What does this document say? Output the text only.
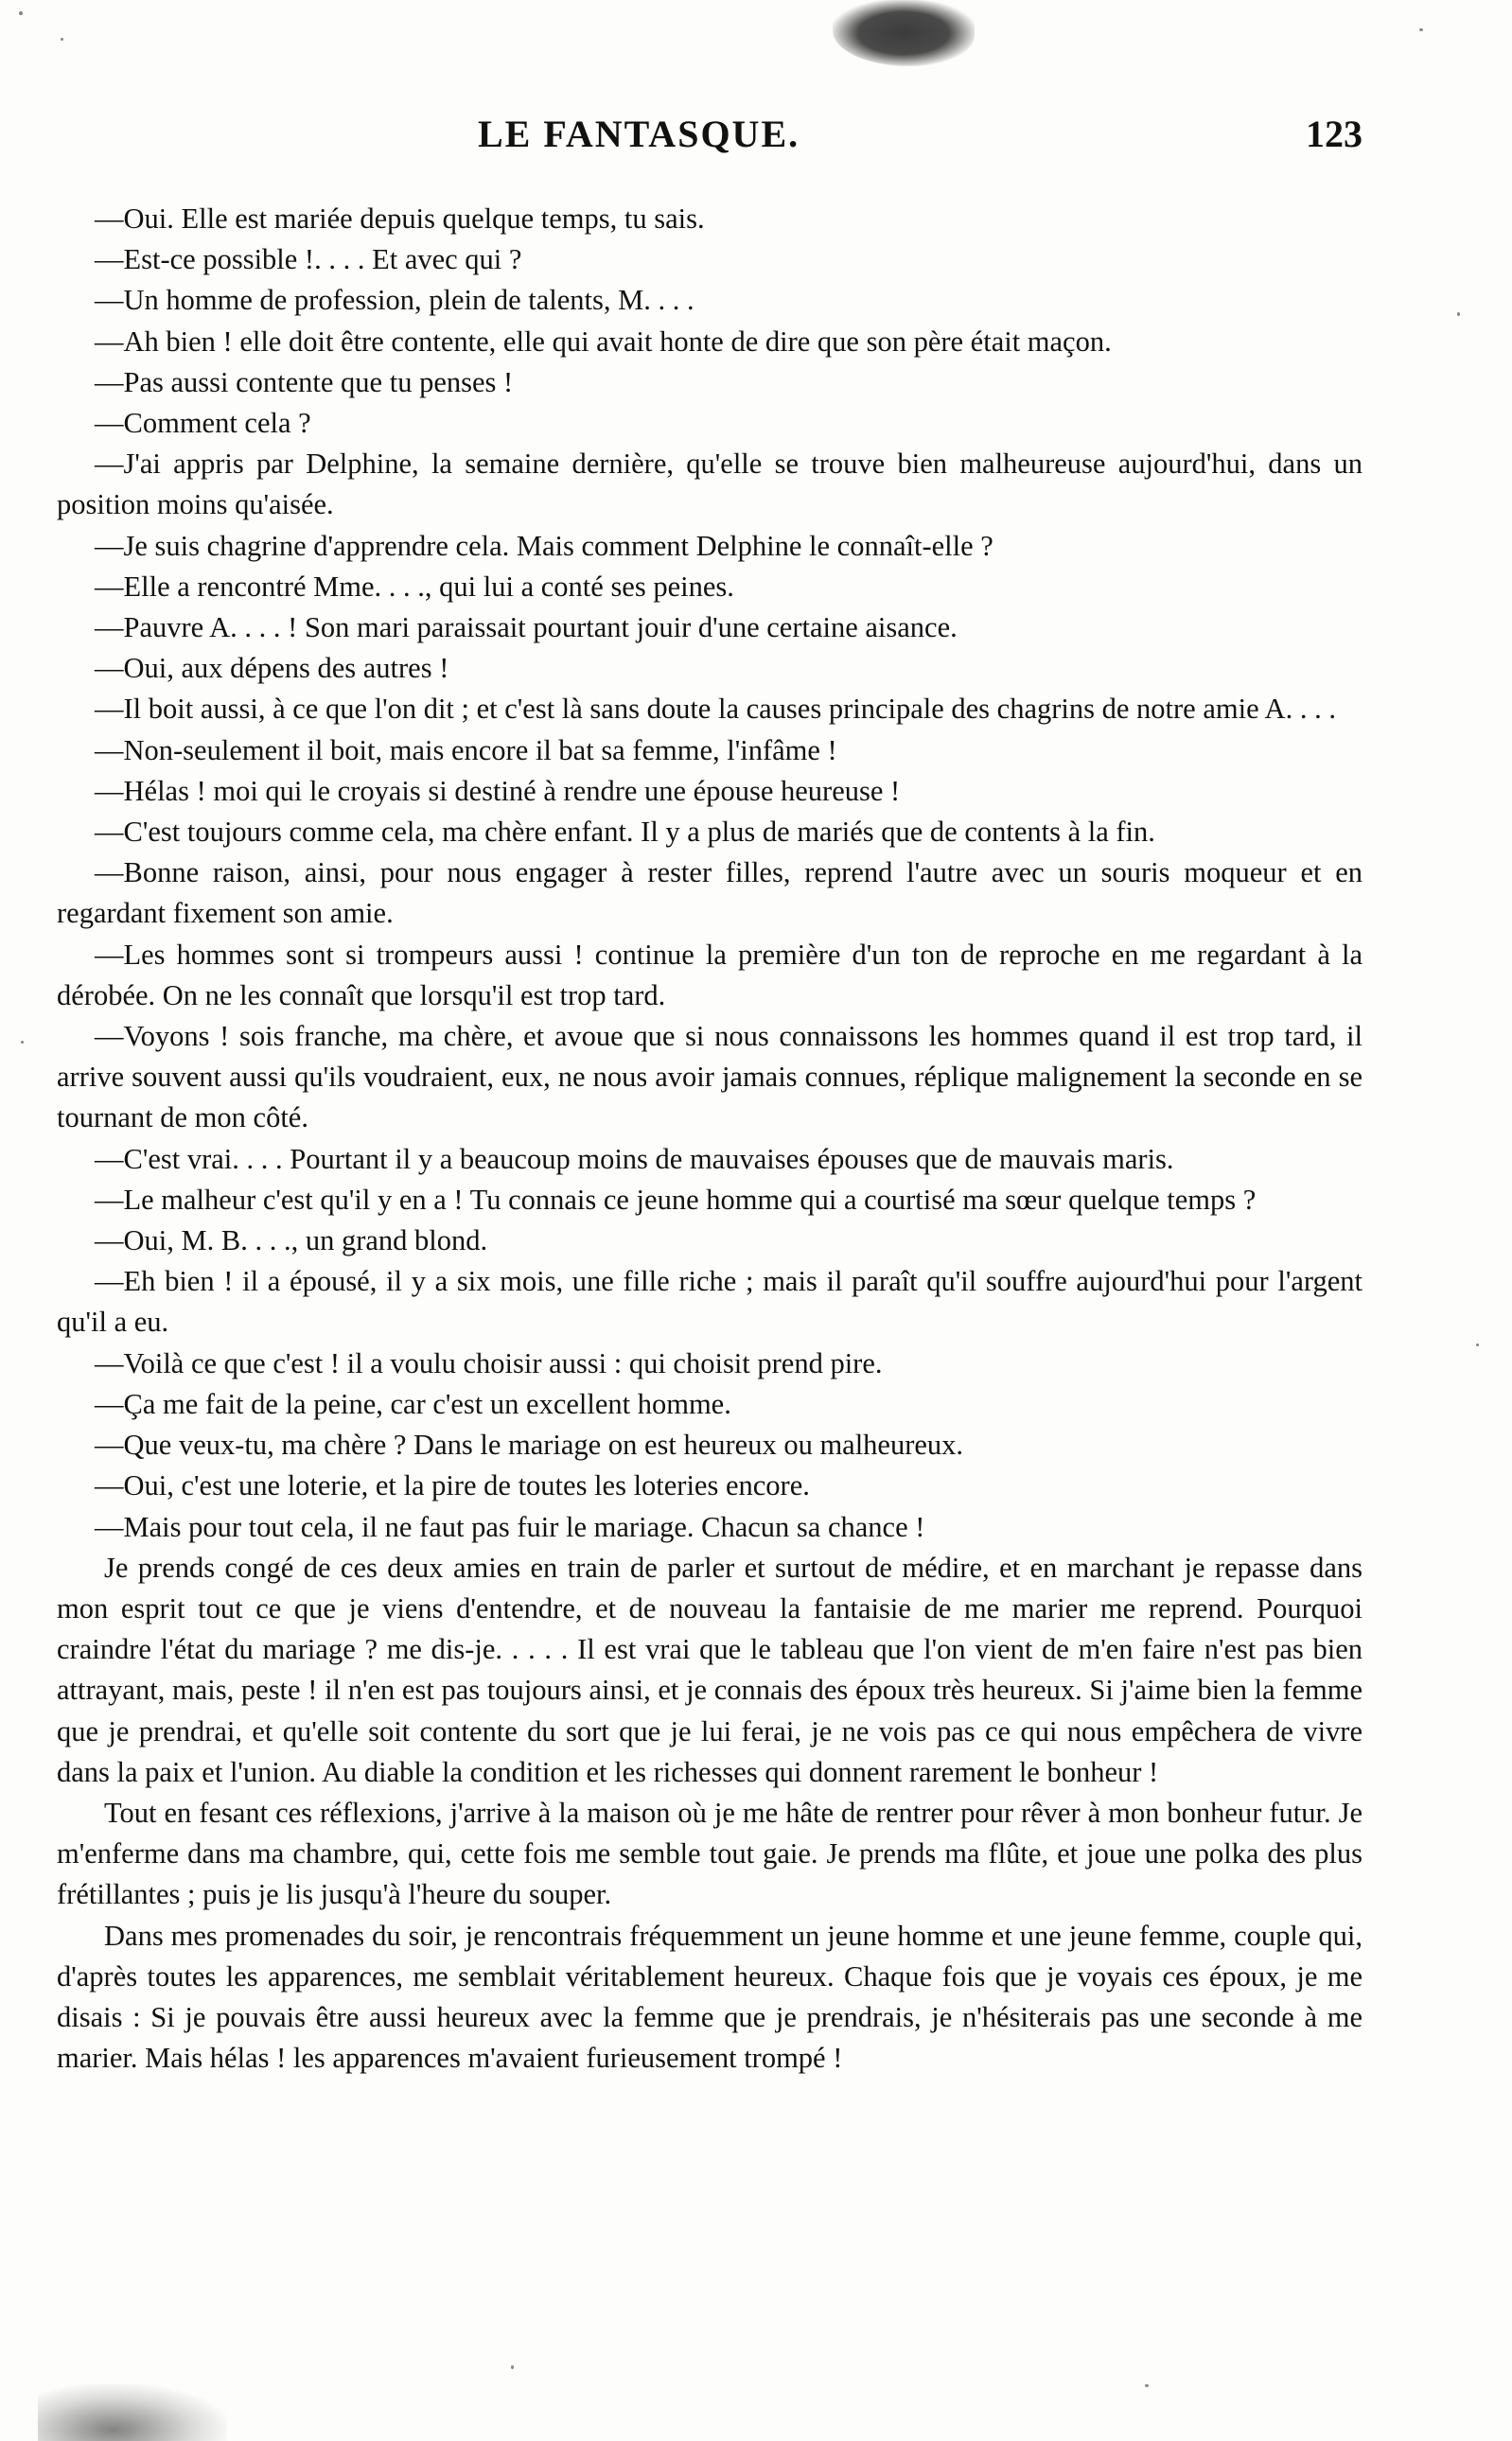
LE FANTASQUE.	123

—Oui. Elle est mariée depuis quelque temps, tu sais.

—Est-ce possible !. . . . Et avec qui ?

—Un homme de profession, plein de talents, M. . . .

—Ah bien ! elle doit être contente, elle qui avait honte de dire que son père était maçon.

—Pas aussi contente que tu penses !

—Comment cela ?

—J'ai appris par Delphine, la semaine dernière, qu'elle se trouve bien malheureuse aujourd'hui, dans un position moins qu'aisée.

—Je suis chagrine d'apprendre cela. Mais comment Delphine le connaît-elle ?

—Elle a rencontré Mme. . . ., qui lui a conté ses peines.

—Pauvre A. . . . ! Son mari paraissait pourtant jouir d'une certaine aisance.

—Oui, aux dépens des autres !

—Il boit aussi, à ce que l'on dit ; et c'est là sans doute la causes principale des chagrins de notre amie A. . . .

—Non-seulement il boit, mais encore il bat sa femme, l'infâme !

—Hélas ! moi qui le croyais si destiné à rendre une épouse heureuse !

—C'est toujours comme cela, ma chère enfant. Il y a plus de mariés que de contents à la fin.

—Bonne raison, ainsi, pour nous engager à rester filles, reprend l'autre avec un souris moqueur et en regardant fixement son amie.

—Les hommes sont si trompeurs aussi ! continue la première d'un ton de reproche en me regardant à la dérobée. On ne les connaît que lorsqu'il est trop tard.

—Voyons ! sois franche, ma chère, et avoue que si nous connaissons les hommes quand il est trop tard, il arrive souvent aussi qu'ils voudraient, eux, ne nous avoir jamais connues, réplique malignement la seconde en se tournant de mon côté.

—C'est vrai. . . . Pourtant il y a beaucoup moins de mauvaises épouses que de mauvais maris.

—Le malheur c'est qu'il y en a ! Tu connais ce jeune homme qui a courtisé ma sœur quelque temps ?

—Oui, M. B. . . ., un grand blond.

—Eh bien ! il a épousé, il y a six mois, une fille riche ; mais il paraît qu'il souffre aujourd'hui pour l'argent qu'il a eu.

—Voilà ce que c'est ! il a voulu choisir aussi : qui choisit prend pire.

—Ça me fait de la peine, car c'est un excellent homme.

—Que veux-tu, ma chère ? Dans le mariage on est heureux ou malheureux.

—Oui, c'est une loterie, et la pire de toutes les loteries encore.

—Mais pour tout cela, il ne faut pas fuir le mariage. Chacun sa chance !

Je prends congé de ces deux amies en train de parler et surtout de médire, et en marchant je repasse dans mon esprit tout ce que je viens d'entendre, et de nouveau la fantaisie de me marier me reprend. Pourquoi craindre l'état du mariage ? me dis-je. . . . . Il est vrai que le tableau que l'on vient de m'en faire n'est pas bien attrayant, mais, peste ! il n'en est pas toujours ainsi, et je connais des époux très heureux. Si j'aime bien la femme que je prendrai, et qu'elle soit contente du sort que je lui ferai, je ne vois pas ce qui nous empêchera de vivre dans la paix et l'union. Au diable la condition et les richesses qui donnent rarement le bonheur !

Tout en fesant ces réflexions, j'arrive à la maison où je me hâte de rentrer pour rêver à mon bonheur futur. Je m'enferme dans ma chambre, qui, cette fois me semble tout gaie. Je prends ma flûte, et joue une polka des plus frétillantes ; puis je lis jusqu'à l'heure du souper.

Dans mes promenades du soir, je rencontrais fréquemment un jeune homme et une jeune femme, couple qui, d'après toutes les apparences, me semblait véritablement heureux. Chaque fois que je voyais ces époux, je me disais : Si je pouvais être aussi heureux avec la femme que je prendrais, je n'hésiterais pas une seconde à me marier. Mais hélas ! les apparences m'avaient furieusement trompé !
